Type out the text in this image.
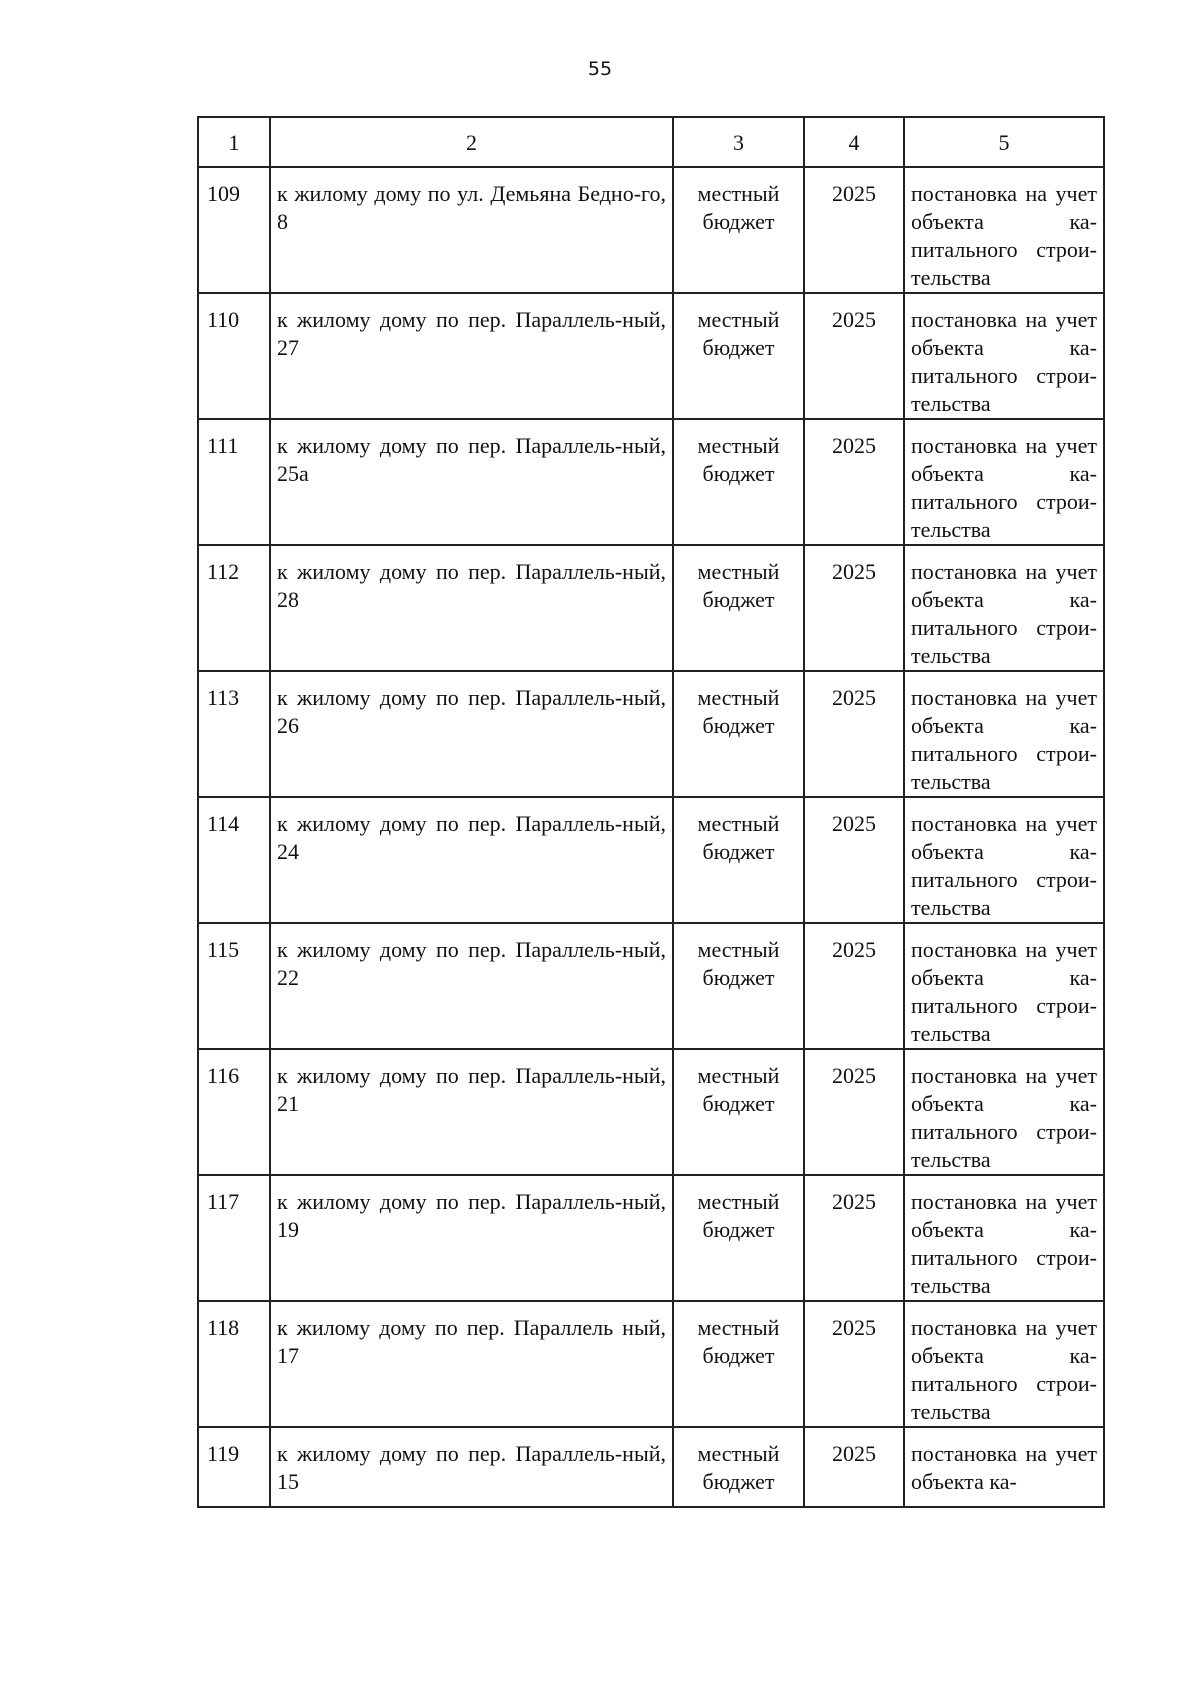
55
1	2	3	4	5
109	к жилому дому по ул. Демьяна Бедно-го, 8	местный бюджет	2025	постановка на учет объекта ка-питального строи-тельства
110	к жилому дому по пер. Параллель-ный, 27	местный бюджет	2025	постановка на учет объекта ка-питального строи-тельства
111	к жилому дому по пер. Параллель-ный, 25а	местный бюджет	2025	постановка на учет объекта ка-питального строи-тельства
112	к жилому дому по пер. Параллель-ный, 28	местный бюджет	2025	постановка на учет объекта ка-питального строи-тельства
113	к жилому дому по пер. Параллель-ный, 26	местный бюджет	2025	постановка на учет объекта ка-питального строи-тельства
114	к жилому дому по пер. Параллель-ный, 24	местный бюджет	2025	постановка на учет объекта ка-питального строи-тельства
115	к жилому дому по пер. Параллель-ный, 22	местный бюджет	2025	постановка на учет объекта ка-питального строи-тельства
116	к жилому дому по пер. Параллель-ный, 21	местный бюджет	2025	постановка на учет объекта ка-питального строи-тельства
117	к жилому дому по пер. Параллель-ный, 19	местный бюджет	2025	постановка на учет объекта ка-питального строи-тельства
118	к жилому дому по пер. Параллель ный, 17	местный бюджет	2025	постановка на учет объекта ка-питального строи-тельства
119	к жилому дому по пер. Параллель-ный, 15	местный бюджет	2025	постановка на учет объекта ка-
